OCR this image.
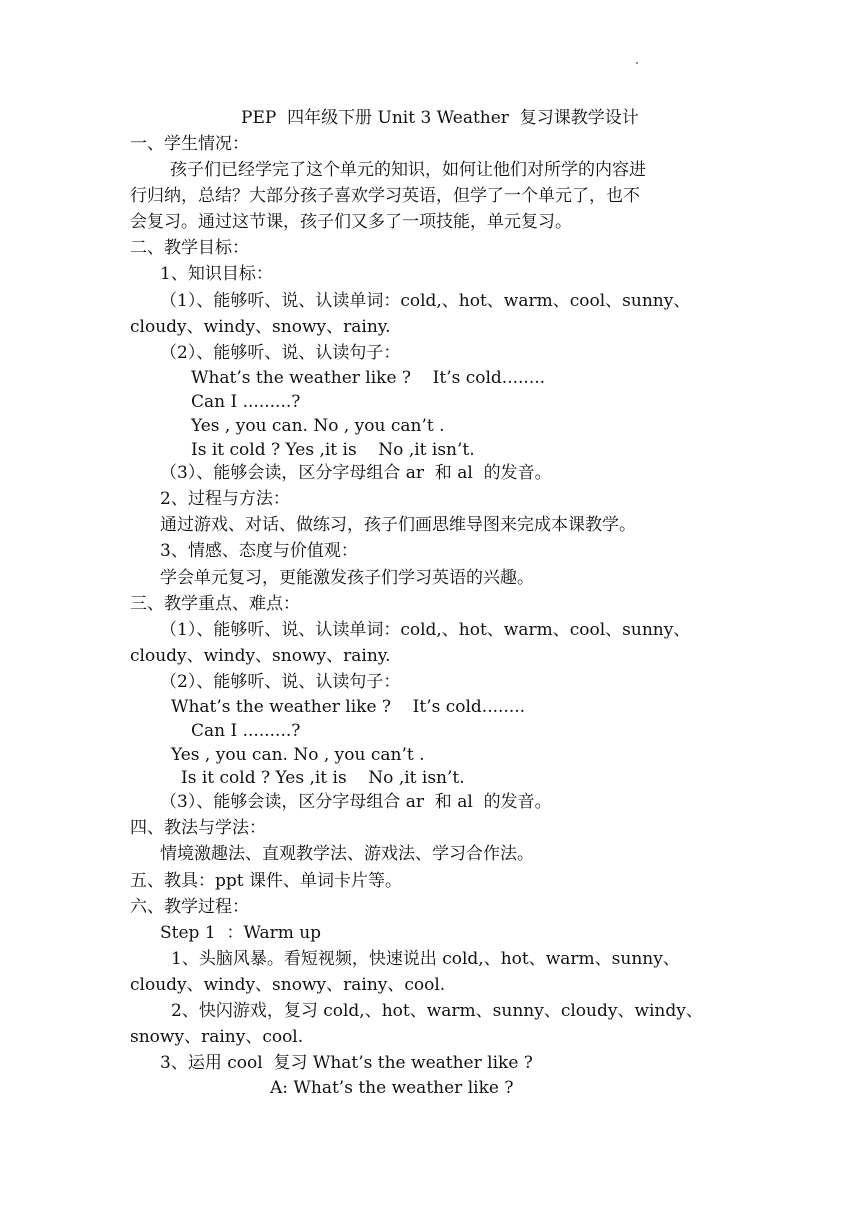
PEP  四年级下册 Unit 3 Weather  复习课教学设计
一、学生情况：
孩子们已经学完了这个单元的知识，如何让他们对所学的内容进
行归纳，总结？大部分孩子喜欢学习英语，但学了一个单元了，也不
会复习。通过这节课，孩子们又多了一项技能，单元复习。
二、教学目标：
1、知识目标：
（1）、能够听、说、认读单词：cold,、hot、warm、cool、sunny、
cloudy、windy、snowy、rainy.
（2）、能够听、说、认读句子：
What’s the weather like ?    It’s cold........
Can I .........?
Yes , you can. No , you can’t .
Is it cold ? Yes ,it is    No ,it isn’t.
（3）、能够会读，区分字母组合 ar  和 al  的发音。
2、过程与方法：
通过游戏、对话、做练习，孩子们画思维导图来完成本课教学。
3、情感、态度与价值观：
学会单元复习，更能激发孩子们学习英语的兴趣。
三、教学重点、难点：
（1）、能够听、说、认读单词：cold,、hot、warm、cool、sunny、
cloudy、windy、snowy、rainy.
（2）、能够听、说、认读句子：
What’s the weather like ?    It’s cold........
Can I .........?
Yes , you can. No , you can’t .
Is it cold ? Yes ,it is    No ,it isn’t.
（3）、能够会读，区分字母组合 ar  和 al  的发音。
四、教法与学法：
情境激趣法、直观教学法、游戏法、学习合作法。
五、教具：ppt 课件、单词卡片等。
六、教学过程：
Step 1  ：Warm up
1、头脑风暴。看短视频，快速说出 cold,、hot、warm、sunny、
cloudy、windy、snowy、rainy、cool.
2、快闪游戏，复习 cold,、hot、warm、sunny、cloudy、windy、
snowy、rainy、cool.
3、运用 cool  复习 What’s the weather like ?
A: What’s the weather like ?
